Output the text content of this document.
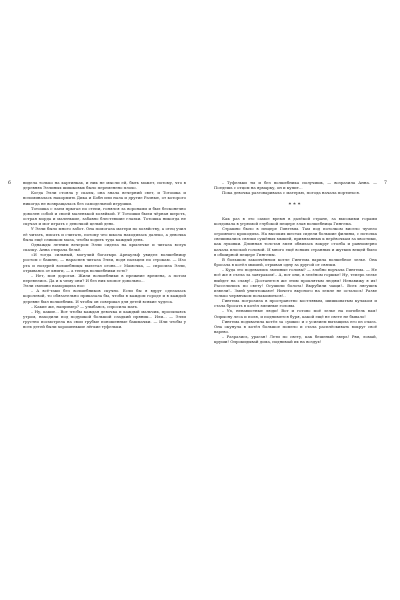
6	7

видела только на картинках, и ник не мысли ей, быть может, потому, что в деревнях Эллиных шишковых было переменено плохо.

Когда Элли стояла у скалы, она знала вечерний свет, и Тотошка и вспоминалась накормить Дика и Бобн или нала и другие Разные, от которого никогда не возвращалась без самодельной игрушки.

Тотошка с лаем прыгал по степи, гонялся за воронами и был бесконечно доволен собой и своей маленькой хозяйкой. У Тотошки были чёрная шерсть, острая морда и маленькие, забавно блестевшие глазки. Тотошка никогда не скучал и мог играть с девочкой целый день.

У Элли было много забот. Она помогала матери по хозяйству, а отец учил её читать, писать и считать, потому что школа находилась далеко, а девочка была ещё слишком мала, чтобы ходить туда каждый день.

Однажды летним вечером Элли сидела на крылечке и читала вслух сказку. Анна стирала бельё.

«И тогда сильный, могучий богатырь Арнаульф увидел волшебницу ростом с башню, — нараспев читала Элли, водя пальцем по строкам. — Изо рта и ноздрей волшебницы вылетал огонь...» Мамочка, — спросила Элли, отрываясь от книги, — а теперь волшебники есть?

– Нет, моя дорогая. Жили волшебники в прежние времена, а потом перевелись. Да и к чему они? И без них хлопот довольно...

Элли смешно наморщила нос:

– А всё-таки без волшебников скучно. Если бы я вдруг сделалась королевой, то обязательно приказала бы, чтобы в каждом городе и в каждой деревне был волшебник. И чтобы он совершал для детей всякие чудеса.

– Какие же, например? — улыбаясь, спросила мать.

– Ну, какие... Вот чтобы каждая девочка и каждый мальчик, просыпаясь утром, находили под подушкой большой сладкий пряник... Или... — Элли грустно посмотрела на свои грубые поношенные башмачки. — Или чтобы у всех детей были хорошенькие лёгкие туфельки.

– Туфельки ты и без волшебника получишь, — возразила Анна. — Поедешь с отцом на ярмарку, он и купит...

Пока девочка разговаривала с матерью, погода начала портиться.

***

Как раз в это самое время в далёкой стране, за высокими горами колдовала в угрюмой глубокой пещере злая волшебница Гингема.

Страшно было в пещере Гингемы. Там под потолком висело чучело огромного крокодила. На высоких шестах сидели большие филины, с потолка свешивались связки сушёных мышей, привязанных к верёвочкам за хвостики, как луковки. Длинная толстая змея обвилась вокруг столба и равномерно качала плоской головой. И много ещё всяких странных и жутких вещей было в обширной пещере Гингемы.

В большом закопчённом котле Гингема варила волшебное зелье. Она бросала в котёл мышей, отрывая одну за другой от связки.

– Куда это подевались змеиные головы? — злобно ворчала Гингема. — Не всё же я съела за завтраком!.. А, вот они, в зелёном горшке! Ну, теперь зелье выйдет на славу!.. Достанется же этим проклятым людям! Ненавижу я их! Расселились по свету! Осушили болота! Вырубили чащи!.. Всех лягушек извели!.. Змей уничтожают! Ничего вкусного на земле не осталось! Разве только червячком полакомиться!..

Гингема погрозила в пространство костлявым, шишковатым кулаком и стала бросать в котёл змеиные головы.

– Ух, ненавистные люди! Вот и готово моё зелье на погибель вам! Опрысну леса и поля, и поднимется буря, какой ещё не свете не бывало!

Гингема подхватила котёл за «ушки» и с усилием вытащила его из очага. Она окунула в котёл большое помело и стала расплёскивать вокруг своё варево.

– Разразись, ураган! Лети по свету, как бешеный зверь! Рви, ломай, круши! Опрокидывай дома, поднимай их на воздух!
